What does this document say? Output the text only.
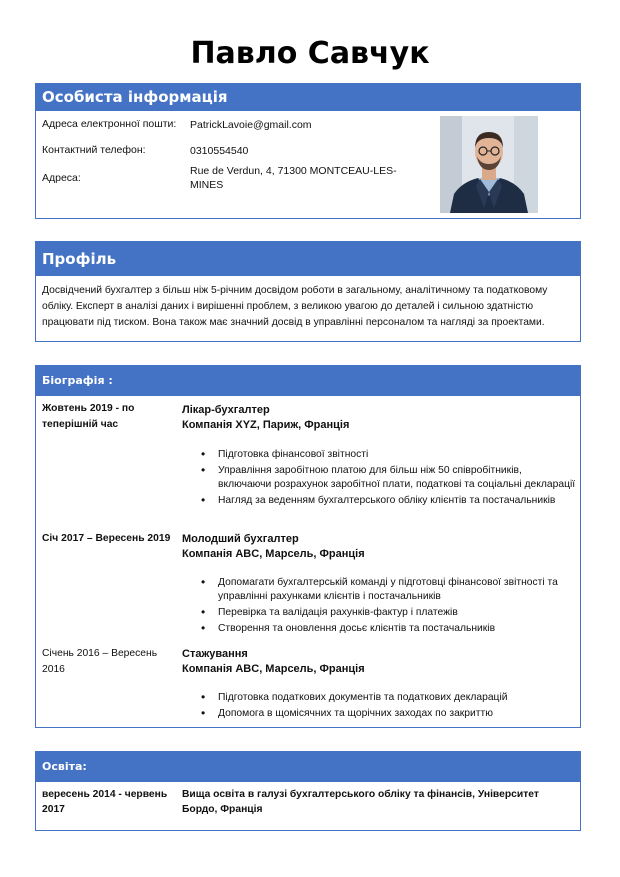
Павло Савчук
Особиста інформація
Адреса електронної пошти:	PatrickLavoie@gmail.com
Контактний телефон:	0310554540
Адреса:
Rue de Verdun, 4, 71300 MONTCEAU-LES-MINES
Профіль
Досвідчений бухгалтер з більш ніж 5-річним досвідом роботи в загальному, аналітичному та податковому обліку. Експерт в аналізі даних і вирішенні проблем, з великою увагою до деталей і сильною здатністю працювати під тиском. Вона також має значний досвід в управлінні персоналом та нагляді за проектами.
Біографія :
Жовтень 2019 - по теперішній час
Лікар-бухгалтер
Компанія XYZ, Париж, Франція
• Підготовка фінансової звітності
• Управління заробітною платою для більш ніж 50 співробітників, включаючи розрахунок заробітної плати, податкові та соціальні декларації
• Нагляд за веденням бухгалтерського обліку клієнтів та постачальників
Січ 2017 – Вересень 2019 Молодший бухгалтер
Компанія ABC, Марсель, Франція
• Допомагати бухгалтерській команді у підготовці фінансової звітності та управлінні рахунками клієнтів і постачальників
• Перевірка та валідація рахунків-фактур і платежів
• Створення та оновлення досьє клієнтів та постачальників
Січень 2016 – Вересень 2016
Стажування
Компанія ABC, Марсель, Франція
• Підготовка податкових документів та податкових декларацій
• Допомога в щомісячних та щорічних заходах по закриттю
Освіта:
вересень 2014 - червень 2017
Вища освіта в галузі бухгалтерського обліку та фінансів, Університет Бордо, Франція
